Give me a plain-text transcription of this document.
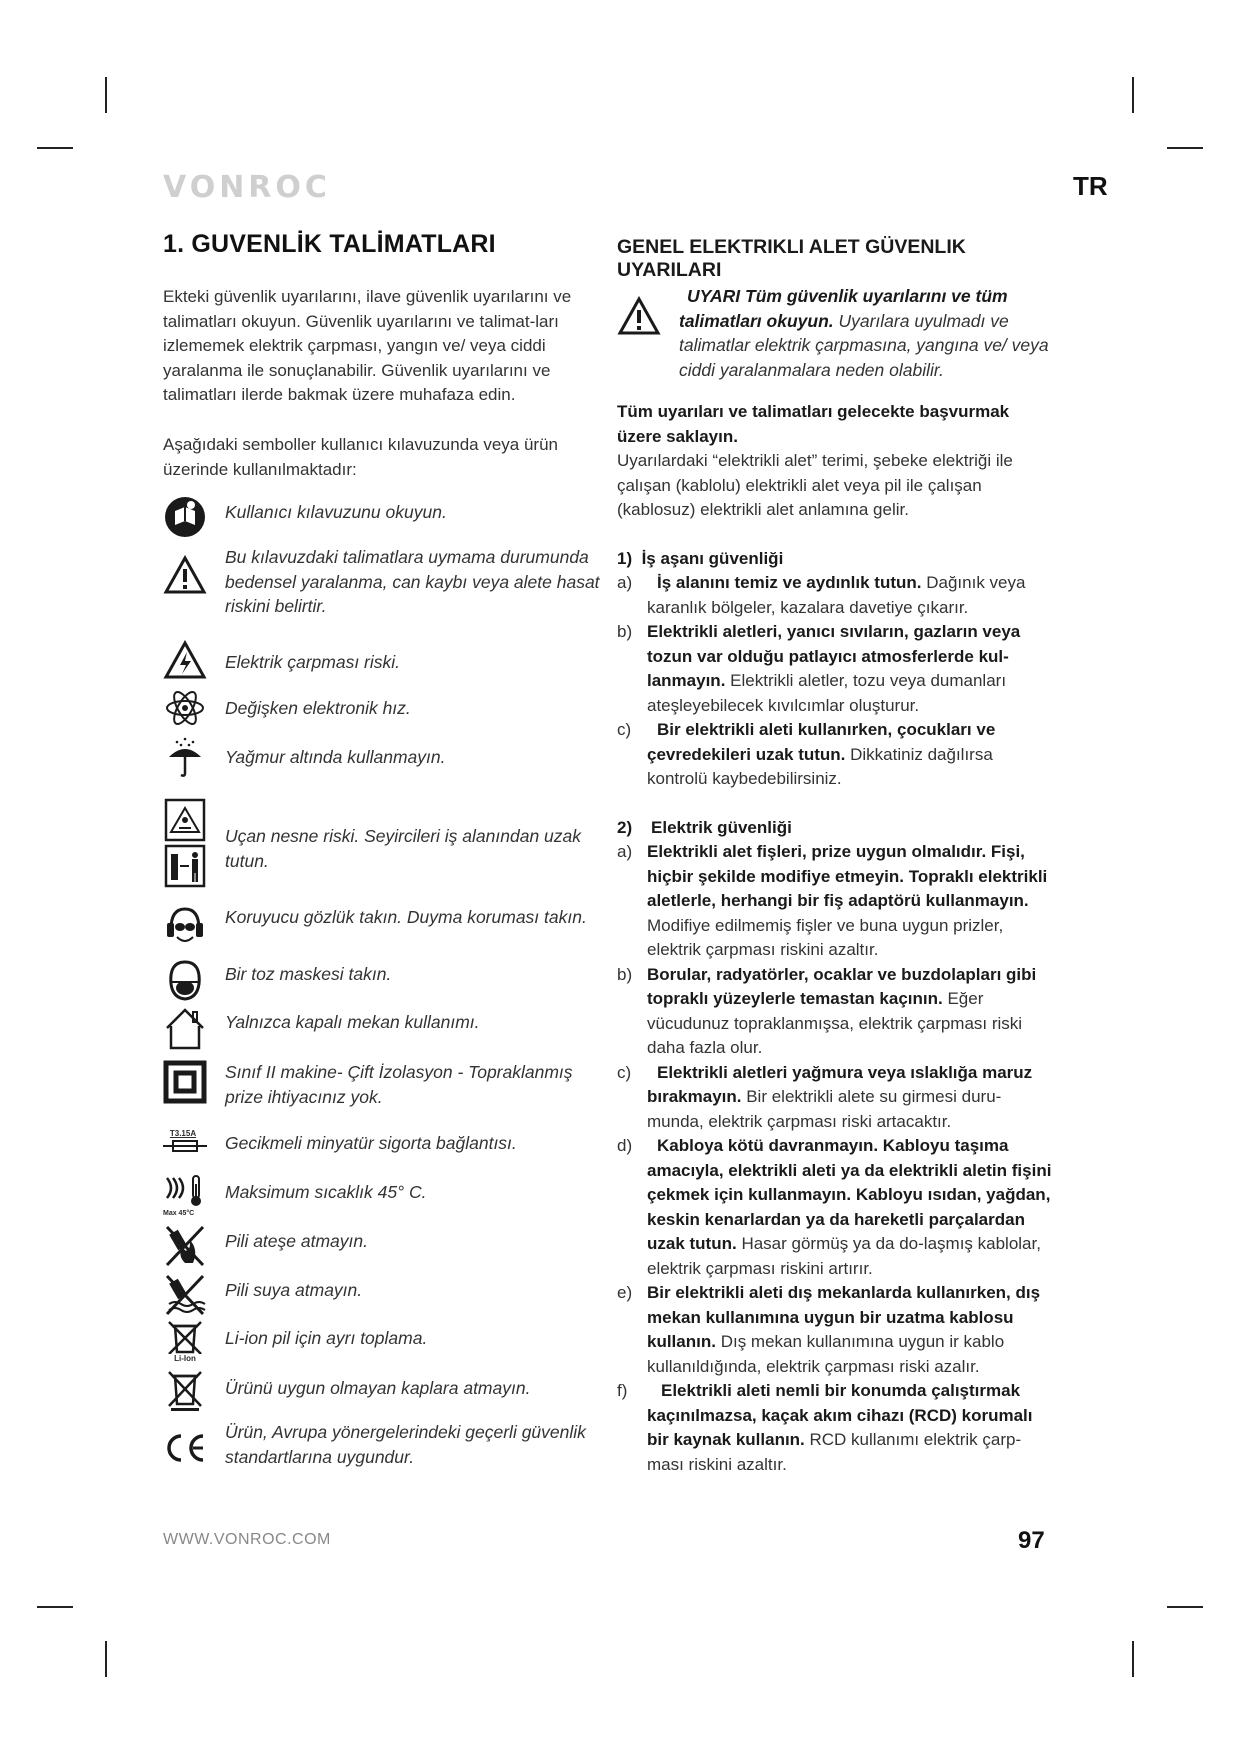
VONROC	TR
1. GUVENLİK TALİMATLARI

Ekteki güvenlik uyarılarını, ilave güvenlik uyarılarını ve talimatları okuyun. Güvenlik uyarılarını ve talimat-ları izlememek elektrik çarpması, yangın ve/ veya ciddi yaralanma ile sonuçlanabilir. Güvenlik uyarılarını ve talimatları ilerde bakmak üzere muhafaza edin.

Aşağıdaki semboller kullanıcı kılavuzunda veya ürün üzerinde kullanılmaktadır:

Kullanıcı kılavuzunu okuyun.
Bu kılavuzdaki talimatlara uymama durumunda bedensel yaralanma, can kaybı veya alete hasat riskini belirtir.
Elektrik çarpması riski.
Değişken elektronik hız.
Yağmur altında kullanmayın.
Uçan nesne riski. Seyircileri iş alanından uzak tutun.
Koruyucu gözlük takın. Duyma koruması takın.
Bir toz maskesi takın.
Yalnızca kapalı mekan kullanımı.
Sınıf II makine- Çift İzolasyon - Topraklanmış prize ihtiyacınız yok.
T3.15A	Gecikmeli minyatür sigorta bağlantısı.
Max 45°C
Maksimum sıcaklık 45° C.
Pili ateşe atmayın.
Pili suya atmayın.
Li-Ion
Li-ion pil için ayrı toplama.
Ürünü uygun olmayan kaplara atmayın.
Ürün, Avrupa yönergelerindeki geçerli güvenlik standartlarına uygundur.
GENEL ELEKTRIKLI ALET GÜVENLIK UYARILARI
UYARI Tüm güvenlik uyarılarını ve tüm
talimatları okuyun. Uyarılara uyulmadı ve talimatlar elektrik çarpmasına, yangına ve/ veya ciddi yaralanmalara neden olabilir.
Tüm uyarıları ve talimatları gelecekte başvurmak üzere saklayın.
Uyarılardaki “elektrikli alet” terimi, şebeke elektriği ile çalışan (kablolu) elektrikli alet veya pil ile çalışan (kablosuz) elektrikli alet anlamına gelir.
1) İş aşanı güvenliği
a) İş alanını temiz ve aydınlık tutun. Dağınık veya karanlık bölgeler, kazalara davetiye çıkarır.
b) Elektrikli aletleri, yanıcı sıvıların, gazların veya tozun var olduğu patlayıcı atmosferlerde kul-lanmayın. Elektrikli aletler, tozu veya dumanları ateşleyebilecek kıvılcımlar oluşturur.
c) Bir elektrikli aleti kullanırken, çocukları ve çevredekileri uzak tutun. Dikkatiniz dağılırsa kontrolü kaybedebilirsiniz.
2) Elektrik güvenliği
a) Elektrikli alet fişleri, prize uygun olmalıdır. Fişi, hiçbir şekilde modifiye etmeyin. Topraklı elektrikli aletlerle, herhangi bir fiş adaptörü kullanmayın. Modifiye edilmemiş fişler ve buna uygun prizler, elektrik çarpması riskini azaltır.
b) Borular, radyatörler, ocaklar ve buzdolapları gibi topraklı yüzeylerle temastan kaçının. Eğer vücudunuz topraklanmışsa, elektrik çarpması riski daha fazla olur.
c) Elektrikli aletleri yağmura veya ıslaklığa maruz bırakmayın. Bir elektrikli alete su girmesi duru-munda, elektrik çarpması riski artacaktır.
d) Kabloya kötü davranmayın. Kabloyu taşıma amacıyla, elektrikli aleti ya da elektrikli aletin fişini çekmek için kullanmayın. Kabloyu ısıdan, yağdan, keskin kenarlardan ya da hareketli parçalardan uzak tutun. Hasar görmüş ya da do-laşmış kablolar, elektrik çarpması riskini artırır.
e) Bir elektrikli aleti dış mekanlarda kullanırken, dış mekan kullanımına uygun bir uzatma kablosu kullanın. Dış mekan kullanımına uygun ir kablo kullanıldığında, elektrik çarpması riski azalır.
f) Elektrikli aleti nemli bir konumda çalıştırmak kaçınılmazsa, kaçak akım cihazı (RCD) korumalı bir kaynak kullanın. RCD kullanımı elektrik çarp-ması riskini azaltır.
WWW.VONROC.COM	97
